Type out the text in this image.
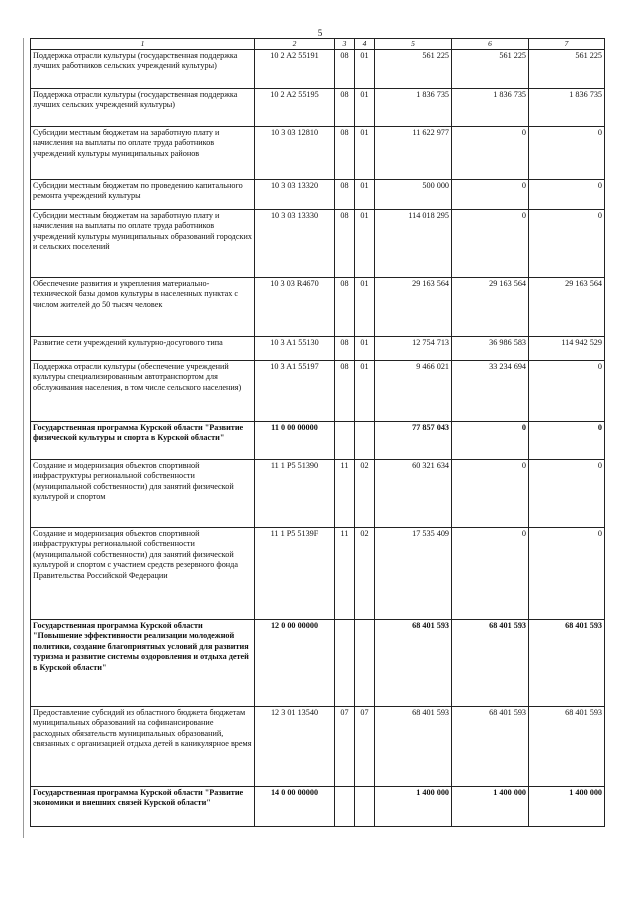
5
1	2	3	4	5	6	7
Поддержка отрасли культуры (государственная поддержка лучших работников сельских учреждений культуры)	10 2 A2 55191	08	01	561 225	561 225	561 225
Поддержка отрасли культуры (государственная поддержка лучших сельских учреждений культуры)	10 2 A2 55195	08	01	1 836 735	1 836 735	1 836 735
Субсидии местным бюджетам на заработную плату и начисления на выплаты по оплате труда работников учреждений культуры муниципальных районов	10 3 03 12810	08	01	11 622 977	0	0
Субсидии местным бюджетам по проведению капитального ремонта учреждений культуры	10 3 03 13320	08	01	500 000	0	0
Субсидии местным бюджетам на заработную плату и начисления на выплаты по оплате труда работников учреждений культуры муниципальных образований городских и сельских поселений	10 3 03 13330	08	01	114 018 295	0	0
Обеспечение развития и укрепления материально-технической базы домов культуры в населенных пунктах с числом жителей до 50 тысяч человек	10 3 03 R4670	08	01	29 163 564	29 163 564	29 163 564
Развитие сети учреждений культурно-досугового типа	10 3 A1 55130	08	01	12 754 713	36 986 583	114 942 529
Поддержка отрасли культуры (обеспечение учреждений культуры специализированным автотранспортом для обслуживания населения, в том числе сельского населения)	10 3 A1 55197	08	01	9 466 021	33 234 694	0
Государственная программа Курской области "Развитие физической культуры и спорта в Курской области"	11 0 00 00000			77 857 043	0	0
Создание и модернизация объектов спортивной инфраструктуры региональной собственности (муниципальной собственности) для занятий физической культурой и спортом	11 1 P5 51390	11	02	60 321 634	0	0
Создание и модернизация объектов спортивной инфраструктуры региональной собственности (муниципальной собственности) для занятий физической культурой и спортом с участием средств резервного фонда Правительства Российской Федерации	11 1 P5 5139F	11	02	17 535 409	0	0
Государственная программа Курской области "Повышение эффективности реализации молодежной политики, создание благоприятных условий для развития туризма и развитие системы оздоровления и отдыха детей в Курской области"	12 0 00 00000			68 401 593	68 401 593	68 401 593
Предоставление субсидий из областного бюджета бюджетам муниципальных образований на софинансирование расходных обязательств муниципальных образований, связанных с организацией отдыха детей в каникулярное время	12 3 01 13540	07	07	68 401 593	68 401 593	68 401 593
Государственная программа Курской области "Развитие экономики и внешних связей Курской области"	14 0 00 00000			1 400 000	1 400 000	1 400 000
